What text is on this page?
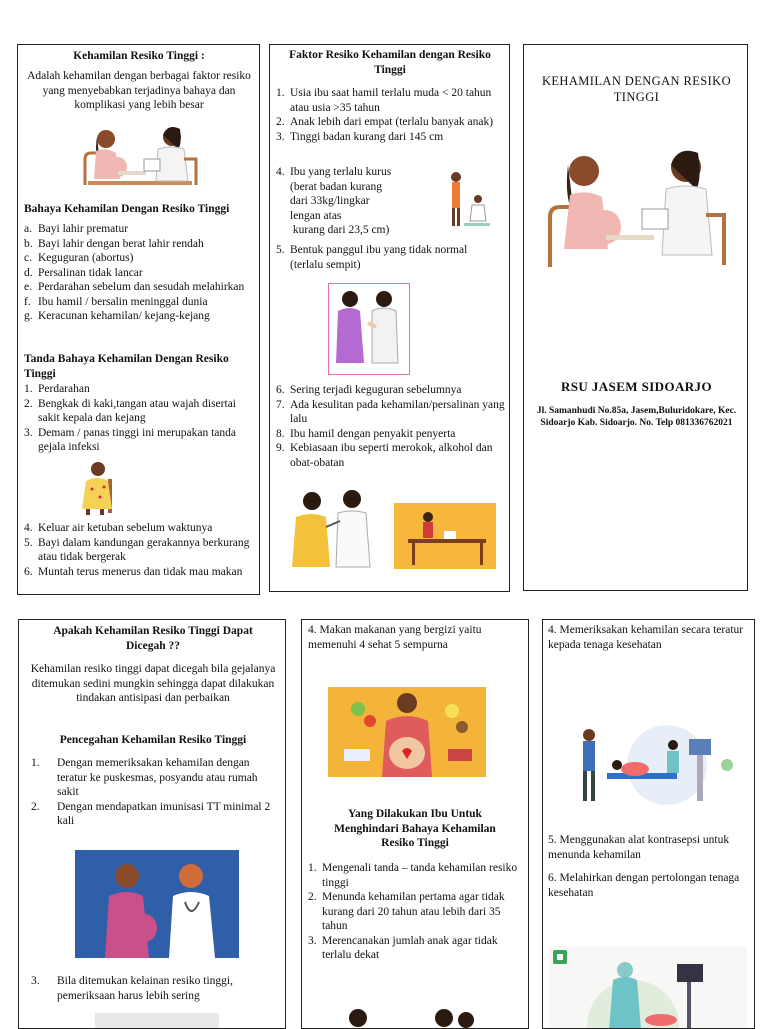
Kehamilan Resiko Tinggi :
Adalah kehamilan dengan berbagai faktor resiko yang menyebabkan terjadinya bahaya dan komplikasi yang lebih besar
Bahaya Kehamilan Dengan Resiko Tinggi
a. Bayi lahir prematur
b. Bayi lahir dengan berat lahir rendah
c. Keguguran (abortus)
d. Persalinan tidak lancar
e. Perdarahan sebelum dan sesudah melahirkan
f. Ibu hamil / bersalin meninggal dunia
g. Keracunan kehamilan/ kejang-kejang
Tanda Bahaya Kehamilan Dengan Resiko Tinggi
1. Perdarahan
2. Bengkak di kaki,tangan atau wajah disertai sakit kepala dan kejang
3. Demam / panas tinggi ini merupakan tanda gejala infeksi
4. Keluar air ketuban sebelum waktunya
5. Bayi dalam kandungan gerakannya berkurang atau tidak bergerak
6. Muntah terus menerus dan tidak mau makan
Faktor Resiko Kehamilan dengan Resiko Tinggi
1. Usia ibu saat hamil terlalu muda < 20 tahun atau usia >35 tahun
2. Anak lebih dari empat (terlalu banyak anak)
3. Tinggi badan kurang dari 145 cm
4. Ibu yang terlalu kurus
(berat badan kurang
dari 33kg/lingkar
lengan atas
kurang dari 23,5 cm)
5. Bentuk panggul ibu yang tidak normal (terlalu sempit)
6. Sering terjadi keguguran sebelumnya
7. Ada kesulitan pada kehamilan/persalinan yang lalu
8. Ibu hamil dengan penyakit penyerta
9. Kebiasaan ibu seperti merokok, alkohol dan obat-obatan
KEHAMILAN DENGAN RESIKO TINGGI
RSU JASEM SIDOARJO
Jl. Samanhudi No.85a, Jasem,Buluridokare, Kec. Sidoarjo Kab. Sidoarjo. No. Telp 081336762021
Apakah Kehamilan Resiko Tinggi Dapat Dicegah ??
Kehamilan resiko tinggi dapat dicegah bila gejalanya ditemukan sedini mungkin sehingga dapat dilakukan tindakan antisipasi dan perbaikan
Pencegahan Kehamilan Resiko Tinggi
1.	Dengan memeriksakan kehamilan dengan teratur ke puskesmas, posyandu atau rumah sakit
2.	Dengan mendapatkan imunisasi TT minimal 2 kali
3.	Bila ditemukan kelainan resiko tinggi, pemeriksaan harus lebih sering
4. Makan makanan yang bergizi yaitu memenuhi 4 sehat 5 sempurna
Yang Dilakukan Ibu Untuk Menghindari Bahaya Kehamilan Resiko Tinggi
1. Mengenali tanda – tanda kehamilan resiko tinggi
2. Menunda kehamilan pertama agar tidak kurang dari 20 tahun atau lebih dari 35 tahun
3. Merencanakan jumlah anak agar tidak terlalu dekat
4. Memeriksakan kehamilan secara teratur kepada tenaga kesehatan
5. Menggunakan alat kontrasepsi untuk menunda kehamilan
6. Melahirkan dengan pertolongan tenaga kesehatan
